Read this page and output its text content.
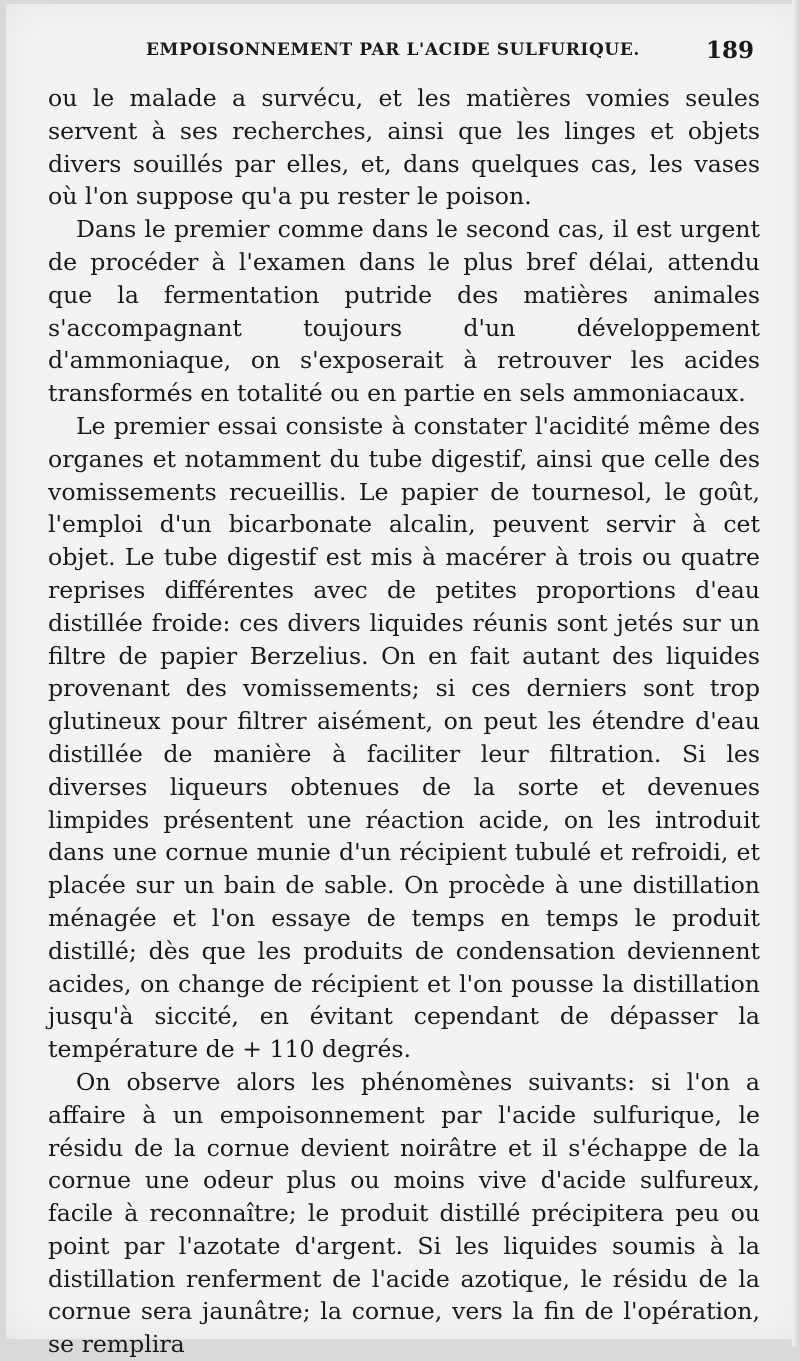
EMPOISONNEMENT PAR L'ACIDE SULFURIQUE.	189

ou le malade a survécu, et les matières vomies seules servent à ses recherches, ainsi que les linges et objets divers souillés par elles, et, dans quelques cas, les vases où l'on suppose qu'a pu rester le poison.

Dans le premier comme dans le second cas, il est urgent de procéder à l'examen dans le plus bref délai, attendu que la fermentation putride des matières animales s'accompagnant toujours d'un développement d'ammoniaque, on s'exposerait à retrouver les acides transformés en totalité ou en partie en sels ammoniacaux.

Le premier essai consiste à constater l'acidité même des organes et notamment du tube digestif, ainsi que celle des vomissements recueillis. Le papier de tournesol, le goût, l'emploi d'un bicarbonate alcalin, peuvent servir à cet objet. Le tube digestif est mis à macérer à trois ou quatre reprises différentes avec de petites proportions d'eau distillée froide: ces divers liquides réunis sont jetés sur un filtre de papier Berzelius. On en fait autant des liquides provenant des vomissements; si ces derniers sont trop glutineux pour filtrer aisément, on peut les étendre d'eau distillée de manière à faciliter leur filtration. Si les diverses liqueurs obtenues de la sorte et devenues limpides présentent une réaction acide, on les introduit dans une cornue munie d'un récipient tubulé et refroidi, et placée sur un bain de sable. On procède à une distillation ménagée et l'on essaye de temps en temps le produit distillé; dès que les produits de condensation deviennent acides, on change de récipient et l'on pousse la distillation jusqu'à siccité, en évitant cependant de dépasser la température de + 110 degrés.

On observe alors les phénomènes suivants: si l'on a affaire à un empoisonnement par l'acide sulfurique, le résidu de la cornue devient noirâtre et il s'échappe de la cornue une odeur plus ou moins vive d'acide sulfureux, facile à reconnaître; le produit distillé précipitera peu ou point par l'azotate d'argent. Si les liquides soumis à la distillation renferment de l'acide azotique, le résidu de la cornue sera jaunâtre; la cornue, vers la fin de l'opération, se remplira
